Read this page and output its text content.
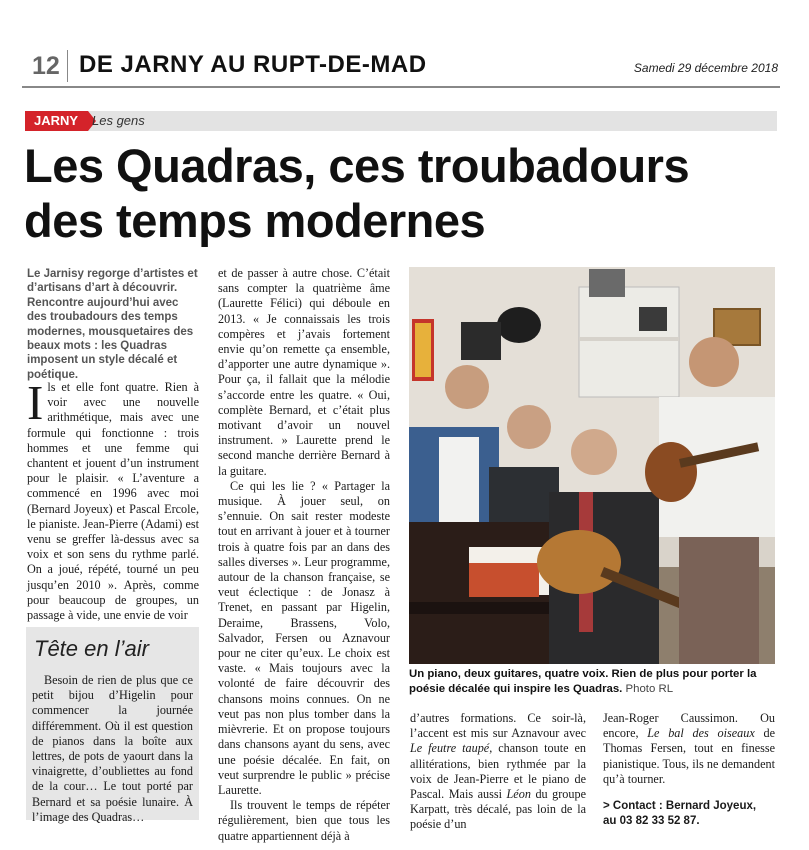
12 DE JARNY AU RUPT-DE-MAD	Samedi 29 décembre 2018
JARNY	Les gens
Les Quadras, ces troubadours
des temps modernes

Le Jarnisy regorge d’artistes et d’artisans d’art à découvrir. Rencontre aujourd’hui avec des troubadours des temps modernes, mousquetaires des beaux mots : les Quadras imposent un style décalé et poétique.

Ils et elle font quatre. Rien à voir avec une nouvelle arithmétique, mais avec une formule qui fonctionne : trois hommes et une femme qui chantent et jouent d’un instrument pour le plaisir. « L’aventure a commencé en 1996 avec moi (Bernard Joyeux) et Pascal Ercole, le pianiste. Jean-Pierre (Adami) est venu se greffer là-dessus avec sa voix et son sens du rythme parlé. On a joué, répété, tourné un peu jusqu’en 2010 ». Après, comme pour beaucoup de groupes, un passage à vide, une envie de voir

Tête en l’air

Besoin de rien de plus que ce petit bijou d’Higelin pour commencer la journée différemment. Où il est question de pianos dans la boîte aux lettres, de pots de yaourt dans la vinaigrette, d’oubliettes au fond de la cour… Le tout porté par Bernard et sa poésie lunaire. À l’image des Quadras…

et de passer à autre chose. C’était sans compter la quatrième âme (Laurette Félici) qui déboule en 2013. « Je connaissais les trois compères et j’avais fortement envie qu’on remette ça ensemble, d’apporter une autre dynamique ». Pour ça, il fallait que la mélodie s’accorde entre les quatre. « Oui, complète Bernard, et c’était plus motivant d’avoir un nouvel instrument. » Laurette prend le second manche derrière Bernard à la guitare.

Ce qui les lie ? « Partager la musique. À jouer seul, on s’ennuie. On sait rester modeste tout en arrivant à jouer et à tourner trois à quatre fois par an dans des salles diverses ». Leur programme, autour de la chanson française, se veut éclectique : de Jonasz à Trenet, en passant par Higelin, Deraime, Brassens, Volo, Salvador, Fersen ou Aznavour pour ne citer qu’eux. Le choix est vaste. « Mais toujours avec la volonté de faire découvrir des chansons moins connues. On ne veut pas non plus tomber dans la mièvrerie. Et on propose toujours dans chansons ayant du sens, avec une poésie décalée. En fait, on veut surprendre le public » précise Laurette.

Ils trouvent le temps de répéter régulièrement, bien que tous les quatre appartiennent déjà à

Un piano, deux guitares, quatre voix. Rien de plus pour porter la poésie décalée qui inspire les Quadras. Photo RL

d’autres formations. Ce soir-là, l’accent est mis sur Aznavour avec Le feutre taupé, chanson toute en allitérations, bien rythmée par la voix de Jean-Pierre et le piano de Pascal. Mais aussi Léon du groupe Karpatt, très décalé, pas loin de la poésie d’un

Jean-Roger Caussimon. Ou encore, Le bal des oiseaux de Thomas Fersen, tout en finesse pianistique. Tous, ils ne demandent qu’à tourner.

> Contact : Bernard Joyeux,
au 03 82 33 52 87.
